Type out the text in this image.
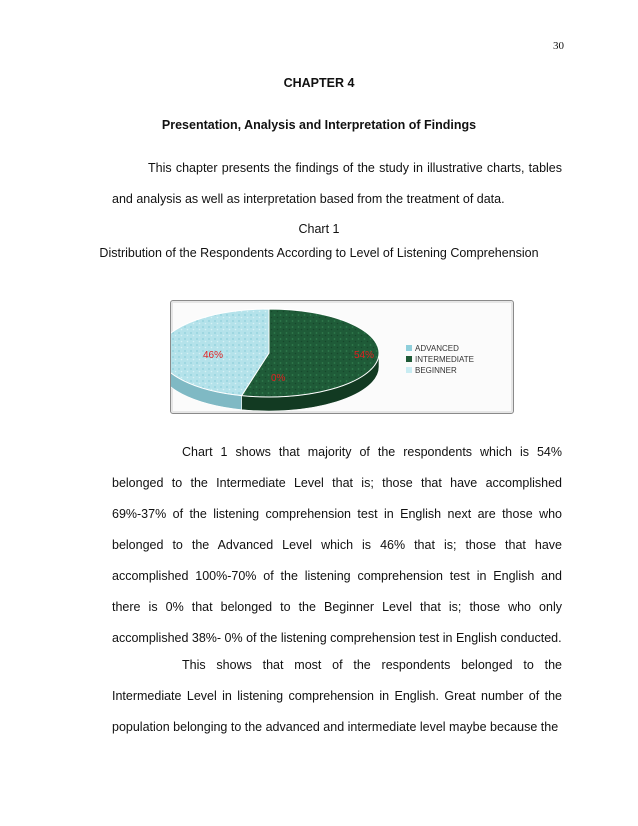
30
CHAPTER 4
Presentation, Analysis and Interpretation of Findings
This chapter presents the findings of the study in illustrative charts, tables and analysis as well as interpretation based from the treatment of data.
Chart 1
Distribution of the Respondents According to Level of Listening Comprehension
46%	54%
0%
ADVANCED
INTERMEDIATE
BEGINNER
Chart 1 shows that majority of the respondents which is 54% belonged to the Intermediate Level that is; those that have accomplished 69%-37% of the listening comprehension test in English next are those who belonged to the Advanced Level which is 46% that is; those that have accomplished 100%-70% of the listening comprehension test in English and there is 0% that belonged to the Beginner Level that is; those who only accomplished 38%- 0% of the listening comprehension test in English conducted.
This shows that most of the respondents belonged to the Intermediate Level in listening comprehension in English. Great number of the population belonging to the advanced and intermediate level maybe because the
